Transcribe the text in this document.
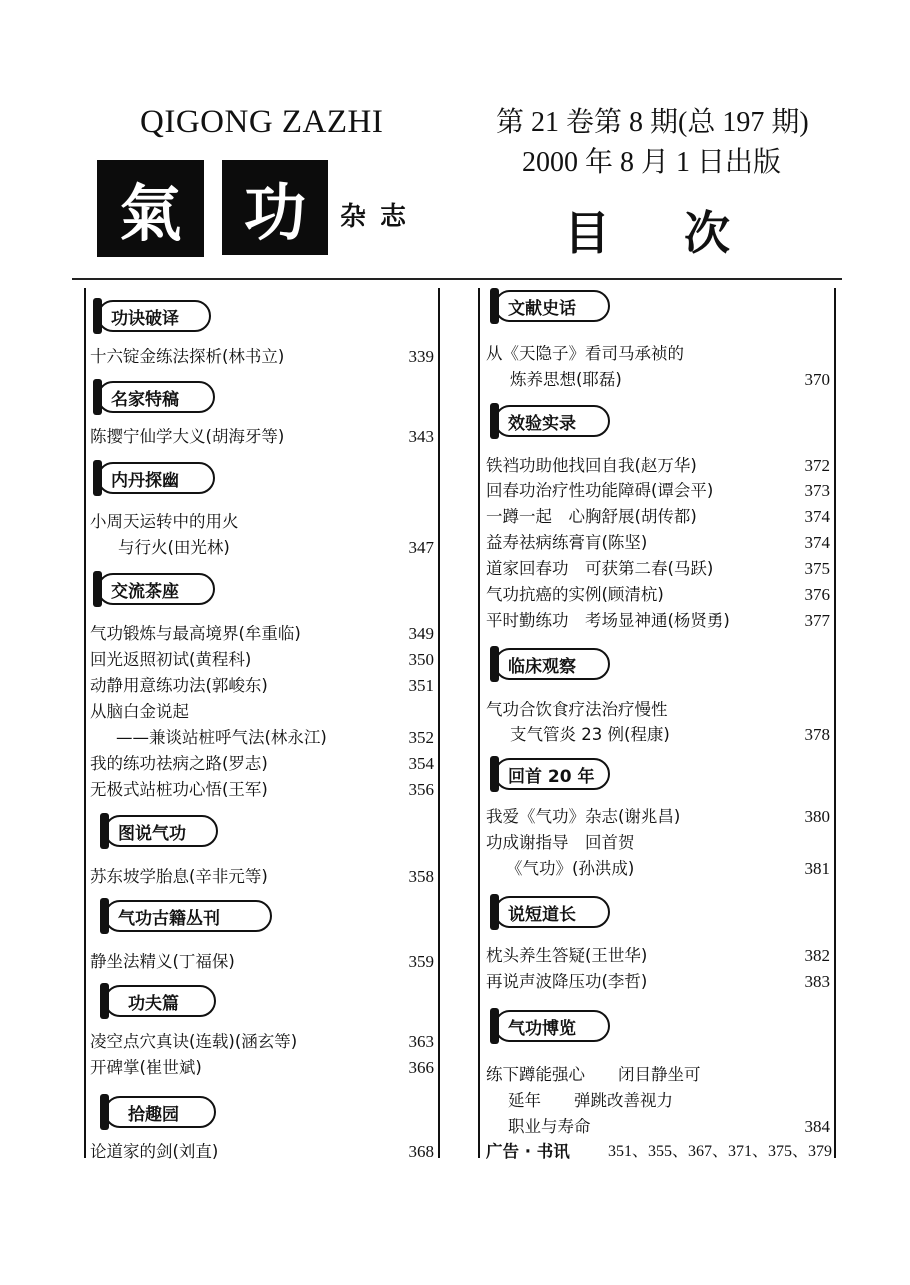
QIGONG ZAZHI
氣	功	杂志
第 21 卷第 8 期(总 197 期)
2000 年 8 月 1 日出版
目次
功诀破译
十六锭金练法探析(林书立)	339
名家特稿
陈撄宁仙学大义(胡海牙等)	343
内丹探幽
小周天运转中的用火
与行火(田光林)	347
交流茶座
气功锻炼与最高境界(牟重临)	349
回光返照初试(黄程科)	350
动静用意练功法(郭峻东)	351
从脑白金说起
——兼谈站桩呼气法(林永江)	352
我的练功祛病之路(罗志)	354
无极式站桩功心悟(王军)	356
图说气功
苏东坡学胎息(辛非元等)	358
气功古籍丛刊
静坐法精义(丁福保)	359
功夫篇
凌空点穴真诀(连载)(涵玄等)	363
开碑掌(崔世斌)	366
拾趣园
论道家的剑(刘直)	368
文献史话
从《天隐子》看司马承祯的
炼养思想(耶磊)	370
效验实录
铁裆功助他找回自我(赵万华)	372
回春功治疗性功能障碍(谭会平)	373
一蹲一起　心胸舒展(胡传都)	374
益寿祛病练膏肓(陈坚)	374
道家回春功　可获第二春(马跃)	375
气功抗癌的实例(顾清杭)	376
平时勤练功　考场显神通(杨贤勇)	377
临床观察
气功合饮食疗法治疗慢性
支气管炎 23 例(程康)	378
回首 20 年
我爱《气功》杂志(谢兆昌)	380
功成谢指导　回首贺
《气功》(孙洪成)	381
说短道长
枕头养生答疑(王世华)	382
再说声波降压功(李哲)	383
气功博览
练下蹲能强心　　闭目静坐可
延年　　弹跳改善视力
职业与寿命	384
广告 · 书讯 351、355、367、371、375、379
